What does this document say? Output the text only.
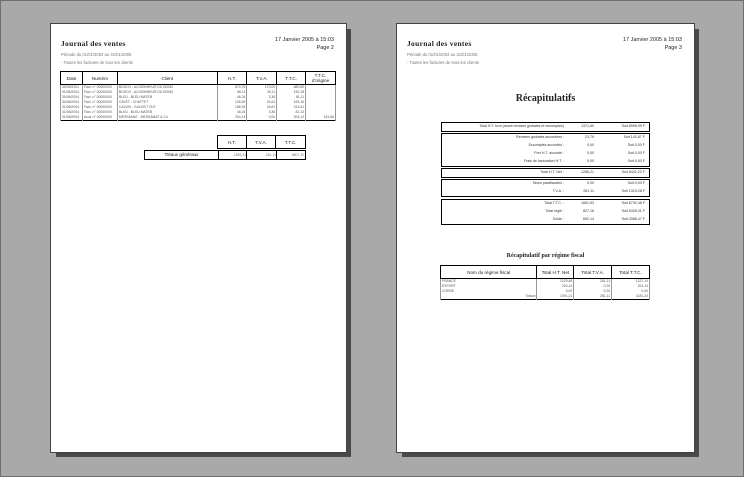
Journal des ventes	17 Janvier 2005 à 15:03
Page 2
Période du 01/01/2004 au 31/01/2005
- Toutes les factures de tous les clients
Date	Numéro	Client	H.T.	T.V.A.	T.T.C.	T.T.C. d'origine
30/06/2004	Fact. n° 00000000	BOSCH - AU BONHEUR DU BOND	674,76	170,00	880,60	
31/06/2004	Fact. n° 00000000	BOSCH - AU BONHEUR DU BOND	58,11	30,11	150,18	
30/06/2004	Fact. n° 00000000	BLEU - BLEU MATEB	46,24	3,36	81,11	
30/06/2004	Fact. n° 00000000	CAVET - CHATTET	126,59	24,64	165,16	
31/06/2004	Fact. n° 00000000	CALVIN - CALVIN TOUT	186,53	26,81	224,61	
31/06/2004	Fact. n° 00000000	BLEU - BLEU MATEB	46,24	3,36	82,13	
31/06/2004	Avoir n° 00000000	MESSAMAT - MESSAMAT & Co	204,14	0,00	204,14	181,66
H.T.	T.V.A.	T.T.C.
Totaux généraux	1855,21	281,11	6807,30
Journal des ventes	17 Janvier 2005 à 15:03
Page 3
Période du 01/01/2004 au 31/01/2005
- Toutes les factures de tous les clients
Récapitulatifs
Total H.T. brut (avant remises globales et escomptes)	1371,60	Soit 8998,99 F
Remises globales accordées :	23,79	Soit 142,87 F
Escomptes accordés :	0,00	Soit 0,00 F
Port H.T. accordé :	0,00	Soit 0,00 F
Frais de facturation H.T. :	0,00	Soit 0,00 F
Total H.T. Net :	1286,21	Soit 8432,22 F
Taxes parafiscales :	0,00	Soit 0,00 F
T.V.A. :	281,11	Soit 1319,28 F
Total T.T.C. :	1661,53	Soit 6792,48 F
Total réglé :	827,16	Soit 5425,01 F
Solde :	662,14	Soit 4388,47 F
Récapitulatif par régime fiscal
Nom du régime fiscal	Total H.T. Net	Total T.V.A.	Total T.T.C.
FRANCE	1229,46	281,11	1227,10
EXPORT	204,14	0,00	204,14
CORSE	0,00	0,00	0,00
Totaux	1091,21	281,11	1181,24
